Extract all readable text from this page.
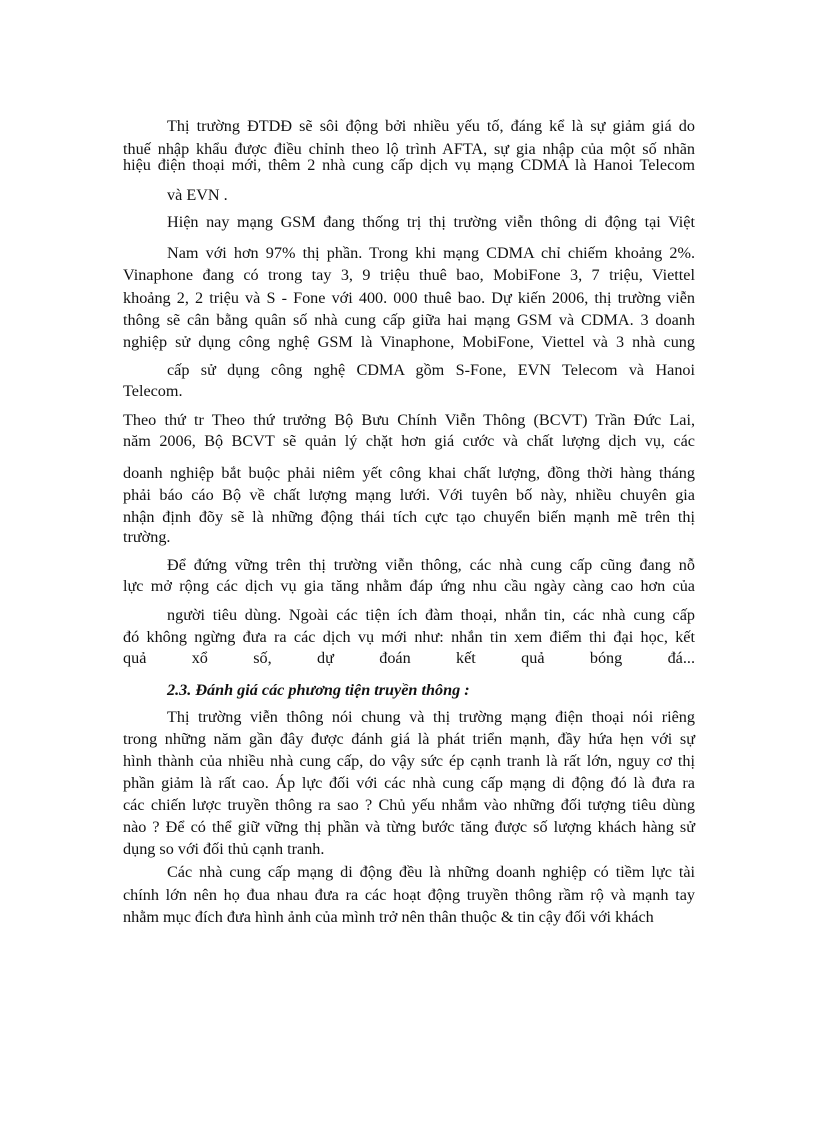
Thị trường ĐTDĐ sẽ sôi động bởi nhiều yếu tố, đáng kể là sự giảm giá do

thuế nhập khẩu được điều chỉnh theo lộ trình AFTA, sự gia nhập của một số nhãn

hiệu điện thoại mới, thêm 2 nhà cung cấp dịch vụ mạng CDMA là Hanoi Telecom

và EVN .

Hiện nay mạng GSM đang thống trị thị trường viễn thông di động tại Việt

Nam với hơn 97% thị phần. Trong khi mạng CDMA chỉ chiếm khoảng 2%.

Vinaphone đang có trong tay 3, 9 triệu thuê bao, MobiFone 3, 7 triệu, Viettel

khoảng 2, 2 triệu và S - Fone với 400. 000 thuê bao. Dự kiến 2006, thị trường viễn

thông sẽ cân bằng quân số nhà cung cấp giữa hai mạng GSM và CDMA. 3 doanh

nghiệp sử dụng công nghệ GSM là Vinaphone, MobiFone, Viettel và 3 nhà cung

cấp sử dụng công nghệ CDMA gồm S-Fone, EVN Telecom và Hanoi

Telecom.

Theo thứ tr Theo thứ trưởng Bộ Bưu Chính Viễn Thông (BCVT) Trần Đức Lai,

năm 2006, Bộ BCVT sẽ quản lý chặt hơn giá cước và chất lượng dịch vụ, các

doanh nghiệp bắt buộc phải niêm yết công khai chất lượng, đồng thời hàng tháng

phải báo cáo Bộ về chất lượng mạng lưới. Với tuyên bố này, nhiều chuyên gia

nhận định đõy sẽ là những động thái tích cực tạo chuyển biến mạnh mẽ trên thị

trường.

Để đứng vững trên thị trường viễn thông, các nhà cung cấp cũng đang nỗ

lực mở rộng các dịch vụ gia tăng nhằm đáp ứng nhu cầu ngày càng cao hơn của

người tiêu dùng. Ngoài các tiện ích đàm thoại, nhắn tin, các nhà cung cấp

đó không ngừng đưa ra các dịch vụ mới như: nhắn tin xem điểm thi đại học, kết

quả xổ số, dự đoán kết quả bóng đá...

2.3. Đánh giá các phương tiện truyền thông :

Thị trường viễn thông nói chung và thị trường mạng điện thoại nói riêng

trong những năm gần đây được đánh giá là phát triển mạnh, đầy hứa hẹn với sự

hình thành của nhiều nhà cung cấp, do vậy sức ép cạnh tranh là rất lớn, nguy cơ thị

phần giảm là rất cao. Áp lực đối với các nhà cung cấp mạng di động đó là đưa ra

các chiến lược truyền thông ra sao ? Chủ yếu nhắm vào những đối tượng tiêu dùng

nào ? Để có thể giữ vững thị phần và từng bước tăng được số lượng khách hàng sử

dụng so với đối thủ cạnh tranh.

Các nhà cung cấp mạng di động đều là những doanh nghiệp có tiềm lực tài

chính lớn nên họ đua nhau đưa ra các hoạt động truyền thông rầm rộ và mạnh tay

nhằm mục đích đưa hình ảnh của mình trở nên thân thuộc & tin cậy đối với khách
